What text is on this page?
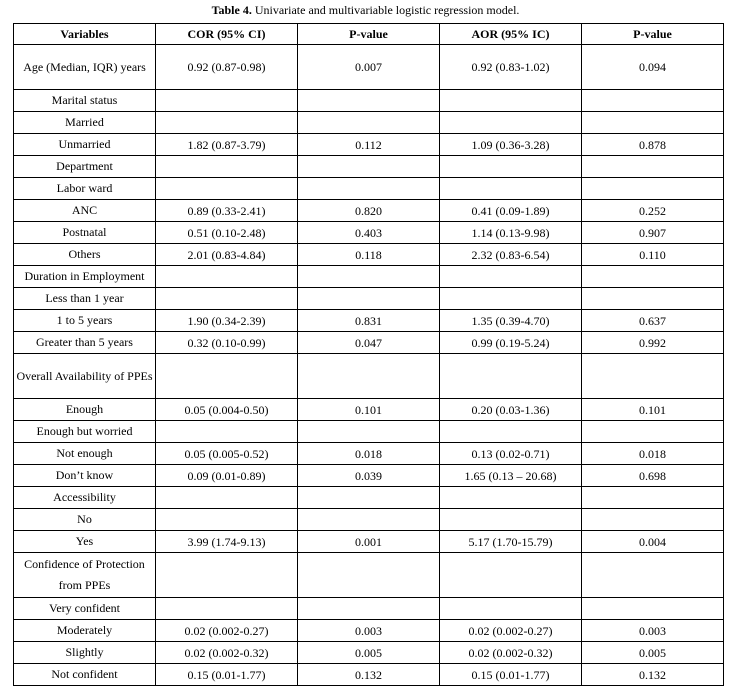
Table 4. Univariate and multivariable logistic regression model.
Variables	COR (95% CI)	P-value	AOR (95% IC)	P-value
Age (Median, IQR) years	0.92 (0.87-0.98)	0.007	0.92 (0.83-1.02)	0.094
Marital status				
Married				
Unmarried	1.82 (0.87-3.79)	0.112	1.09 (0.36-3.28)	0.878
Department				
Labor ward				
ANC	0.89 (0.33-2.41)	0.820	0.41 (0.09-1.89)	0.252
Postnatal	0.51 (0.10-2.48)	0.403	1.14 (0.13-9.98)	0.907
Others	2.01 (0.83-4.84)	0.118	2.32 (0.83-6.54)	0.110
Duration in Employment				
Less than 1 year				
1 to 5 years	1.90 (0.34-2.39)	0.831	1.35 (0.39-4.70)	0.637
Greater than 5 years	0.32 (0.10-0.99)	0.047	0.99 (0.19-5.24)	0.992
Overall Availability of PPEs				
Enough	0.05 (0.004-0.50)	0.101	0.20 (0.03-1.36)	0.101
Enough but worried				
Not enough	0.05 (0.005-0.52)	0.018	0.13 (0.02-0.71)	0.018
Don’t know	0.09 (0.01-0.89)	0.039	1.65 (0.13 – 20.68)	0.698
Accessibility				
No				
Yes	3.99 (1.74-9.13)	0.001	5.17 (1.70-15.79)	0.004
Confidence of Protection from PPEs				
Very confident				
Moderately	0.02 (0.002-0.27)	0.003	0.02 (0.002-0.27)	0.003
Slightly	0.02 (0.002-0.32)	0.005	0.02 (0.002-0.32)	0.005
Not confident	0.15 (0.01-1.77)	0.132	0.15 (0.01-1.77)	0.132
